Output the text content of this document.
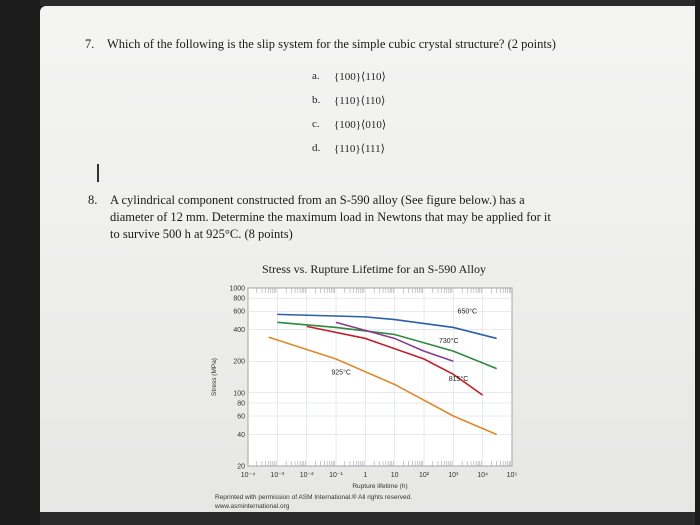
7. Which of the following is the slip system for the simple cubic crystal structure? (2 points)
a.	{100}⟨110⟩
b.	{110}⟨110⟩
c.	{100}⟨010⟩
d.	{110}⟨111⟩
8. A cylindrical component constructed from an S-590 alloy (See figure below.) has a
diameter of 12 mm. Determine the maximum load in Newtons that may be applied for it
to survive 500 h at 925°C. (8 points)
Stress vs. Rupture Lifetime for an S-590 Alloy
10⁻⁴ 10⁻³ 10⁻² 10⁻¹	1	10	10²	10³	10⁴	10⁵
1000
800
600
400
200
100
80
60
40
20
Rupture lifetime (h)
Stress (MPa)
650°C
730°C
925°C
815°C
Reprinted with permission of ASM International.® All rights reserved.
www.asminternational.org
